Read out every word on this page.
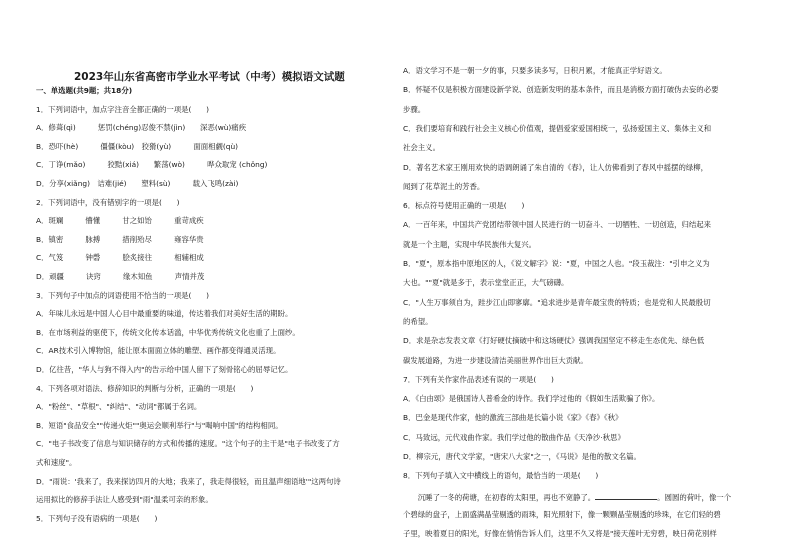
2023年山东省高密市学业水平考试（中考）模拟语文试题
一、单选题(共9题；共18分)
1．下列词语中，加点字注音全都正确的一项是(　　)
A．修葺(qì)　　　惩罚(chéng)忍俊不禁(jìn)　　深恶(wù)痛疾
B．恐吓(hè)　　　僵僵(kòu)　狡猾(yù)　　　面面相觑(qù)
C．丁诤(mǎo)　　　狡黠(xiá)　　繁荡(wò)　　　哗众取宠 (chǒng)
D．分享(xiǎng)　诘难(jié)　　塑料(sù)　　　载入飞鸣(zài)
2．下列词语中，没有错别字的一项是(　　)
A．斑斓　　　懵懂　　　甘之如饴　　　重苛成疾
B．镇密　　　脉搏　　　措削殆尽　　　雍容华贵
C．气笈　　　钟磬　　　脍炙接往　　　相辅相成
D．顽疆　　　诀窍　　　缘木知鱼　　　声情并茂
3．下列句子中加点的词语使用不恰当的一项是(　　)
A．年味儿永远是中国人心目中最重要的味道，传达着我们对美好生活的期盼。
B．在市场利益的驱使下，传统文化传本话滥，中华优秀传统文化也重了上面纱。
C．AR技术引入博物馆，能让原本面面立体的雕塑、画作都变得通灵活现。
D．亿往昔，"华人与狗不得入内"的告示给中国人留下了刻骨铭心的屈辱记忆。
4．下列各项对语法、修辞知识的判断与分析，正确的一项是(　　)
A．"粉丝"、"草根"、"纠结"、"动词"都属于名词。
B．短语"食品安全""传递火炬""奥运会顺利举行"与"喝响中国"的结构相同。
C．"电子书改变了信息与知识储存的方式和传播的速度。"这个句子的主干是"电子书改变了方
式和速度"。
D．"雨说：'我来了，我来探访四月的大地；我来了，我走得很轻，而且温声细语地'"这两句诗
运用拟比的修辞手法让人感受到"雨"温柔可亲的形象。
5．下列句子没有语病的一项是(　　)
A．语文学习不是一朝一夕的事，只要多读多写，日积月累，才能真正学好语文。
B．怀疑不仅是积极方面建设新学说、创造新发明的基本条件，而且是消极方面打破伪去妄的必要
步骤。
C．我们要培育和践行社会主义核心价值观，提倡爱家爱国相统一，弘扬爱国主义、集体主义和
社会主义。
D．著名艺术家王刚用欢快的语调朗诵了朱自清的《春》，让人仿佛看到了春风中摇摆的绿柳，
闻到了花草泥土的芳香。
6．标点符号使用正确的一项是(　　)
A．一百年来，中国共产党团结带领中国人民进行的一切奋斗、一切牺牲、一切创造，归结起来
就是一个主题，实现中华民族伟大复兴。
B．"夏"，原本指中原地区的人，《说文解字》说："夏，中国之人也。"段玉裁注："引申之义为
大也。""夏"就是多于，表示堂堂正正，大气磅礴。
C．"人生万事须自为，跬步江山即寥廓。"追求进步是青年最宝贵的特质；也是党和人民最殷切
的希望。
D．求是杂志发表文章《打好硬仗摘破中和这场硬仗》强调我国坚定不移走生态优先、绿色低
碳发展道路，为进一步建设清洁美丽世界作出巨大贡献。
7．下列有关作家作品表述有误的一项是(　　)
A．《白由颂》是俄国诗人普希金的诗作。我们学过他的《假如生活欺骗了你》。
B．巴金是现代作家，他的激流三部曲是长篇小说《家》《春》《秋》
C．马致远，元代戏曲作家。我们学过他的散曲作品《天净沙·秋思》
D．柳宗元，唐代文学家，"唐宋八大家"之一，《马说》是他的散文名篇。
8．下列句子填入文中横线上的语句，最恰当的一项是(　　)
　　沉睡了一冬的荷塘，在初春的太阳里，再也不宽静了。	。圆圆的荷叶，像一个
个碧绿的盘子，上面盛满晶莹剔透的雨珠，阳光照射下，像一颗颗晶莹剔透的珍珠，在它们轻的碧
子里，映着夏日的阳光，好像在悄悄告诉人们，这里不久又将是"接天莲叶无穷碧，映日荷花别样
